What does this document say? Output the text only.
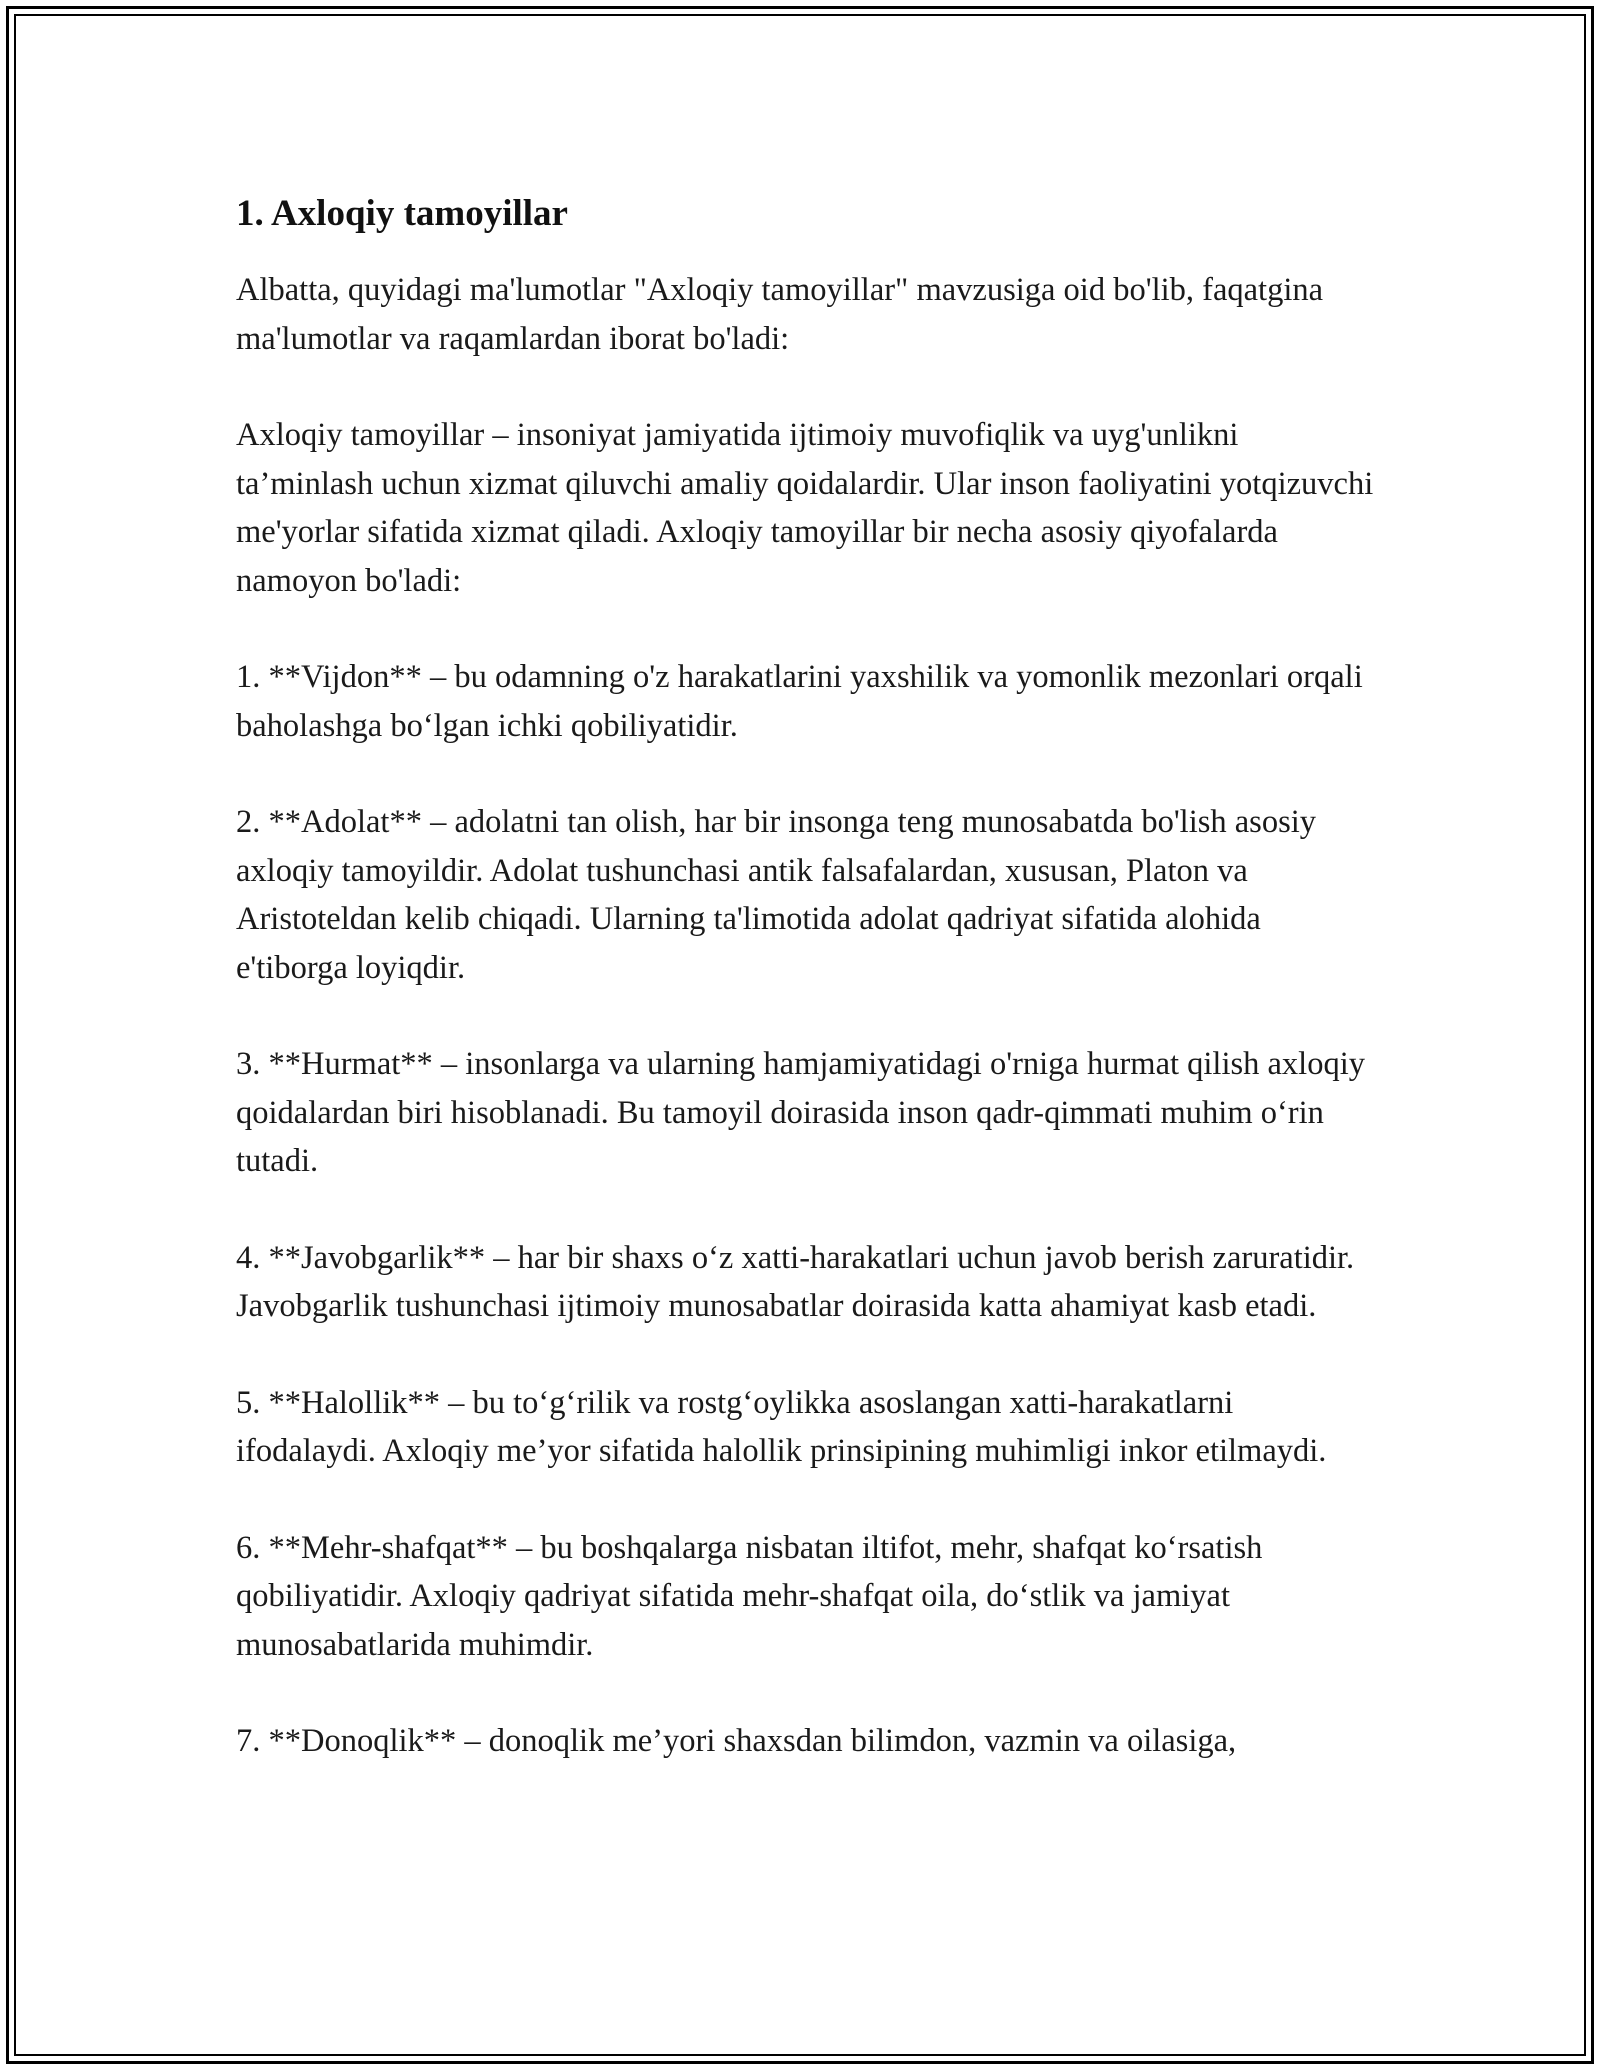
1. Axloqiy tamoyillar

Albatta, quyidagi ma'lumotlar "Axloqiy tamoyillar" mavzusiga oid bo'lib, faqatgina ma'lumotlar va raqamlardan iborat bo'ladi:

Axloqiy tamoyillar – insoniyat jamiyatida ijtimoiy muvofiqlik va uyg'unlikni ta’minlash uchun xizmat qiluvchi amaliy qoidalardir. Ular inson faoliyatini yotqizuvchi me'yorlar sifatida xizmat qiladi. Axloqiy tamoyillar bir necha asosiy qiyofalarda namoyon bo'ladi:

1. **Vijdon** – bu odamning o'z harakatlarini yaxshilik va yomonlik mezonlari orqali baholashga bo‘lgan ichki qobiliyatidir.

2. **Adolat** – adolatni tan olish, har bir insonga teng munosabatda bo'lish asosiy axloqiy tamoyildir. Adolat tushunchasi antik falsafalardan, xususan, Platon va Aristoteldan kelib chiqadi. Ularning ta'limotida adolat qadriyat sifatida alohida e'tiborga loyiqdir.

3. **Hurmat** – insonlarga va ularning hamjamiyatidagi o'rniga hurmat qilish axloqiy qoidalardan biri hisoblanadi. Bu tamoyil doirasida inson qadr-qimmati muhim o‘rin tutadi.

4. **Javobgarlik** – har bir shaxs o‘z xatti-harakatlari uchun javob berish zaruratidir. Javobgarlik tushunchasi ijtimoiy munosabatlar doirasida katta ahamiyat kasb etadi.

5. **Halollik** – bu to‘g‘rilik va rostg‘oylikka asoslangan xatti-harakatlarni ifodalaydi. Axloqiy me’yor sifatida halollik prinsipining muhimligi inkor etilmaydi.

6. **Mehr-shafqat** – bu boshqalarga nisbatan iltifot, mehr, shafqat ko‘rsatish qobiliyatidir. Axloqiy qadriyat sifatida mehr-shafqat oila, do‘stlik va jamiyat munosabatlarida muhimdir.

7. **Donoqlik** – donoqlik me’yori shaxsdan bilimdon, vazmin va oilasiga,
